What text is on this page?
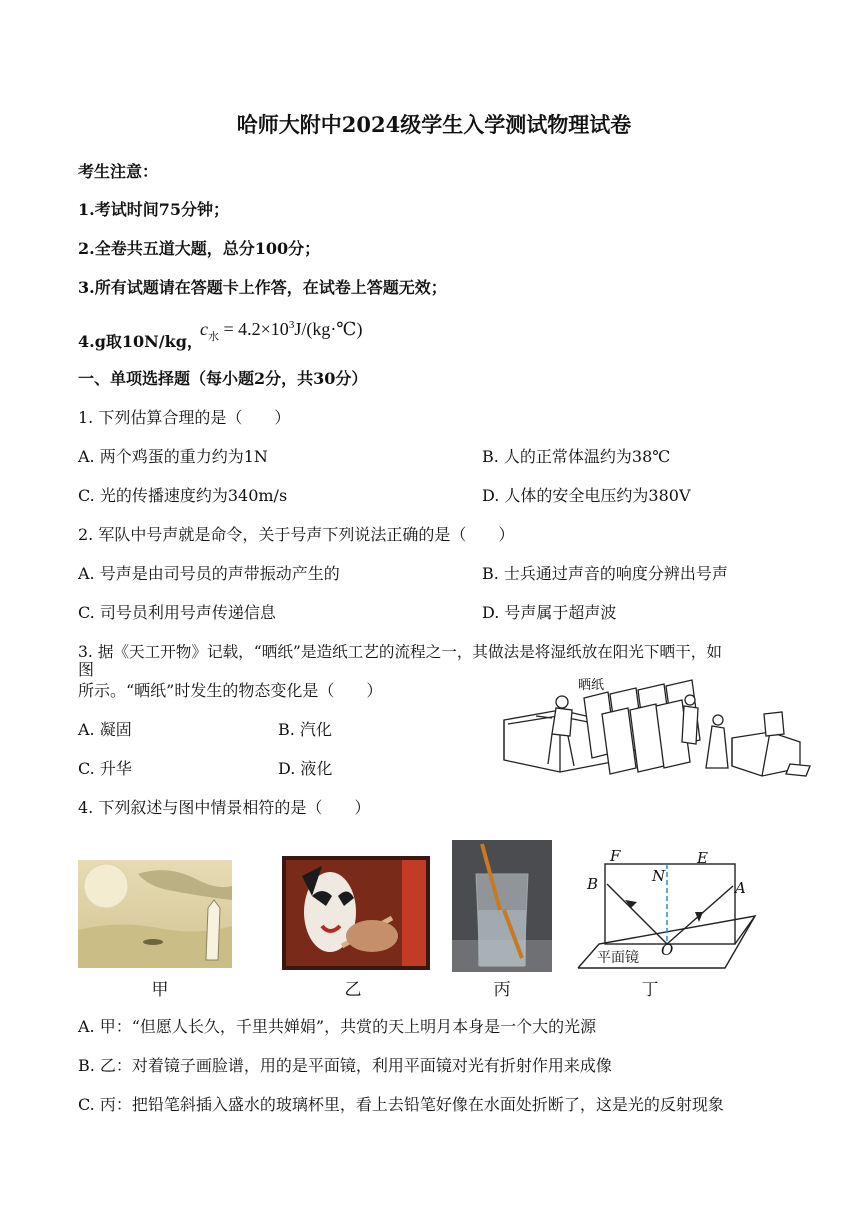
哈师大附中2024级学生入学测试物理试卷
考生注意：
1.考试时间75分钟；
2.全卷共五道大题，总分100分；
3.所有试题请在答题卡上作答，在试卷上答题无效；
4.g取10N/kg，
$c_水$ = $4.2\times 10^3J/(kg\cdot℃)$
一、单项选择题（每小题2分，共30分）
1. 下列估算合理的是（　　）
A. 两个鸡蛋的重力约为1N	B. 人的正常体温约为38℃
C. 光的传播速度约为340m/s	D. 人体的安全电压约为380V
2. 军队中号声就是命令，关于号声下列说法正确的是（　　）
A. 号声是由司号员的声带振动产生的	B. 士兵通过声音的响度分辨出号声
C. 司号员利用号声传递信息	D. 号声属于超声波
3. 据《天工开物》记载，“晒纸”是造纸工艺的流程之一，其做法是将湿纸放在阳光下晒干，如
图
所示。“晒纸”时发生的物态变化是（　　）
A. 凝固	B. 汽化
C. 升华	D. 液化
晒纸
4. 下列叙述与图中情景相符的是（　　）
F	E
N
B	A
O
平面镜
甲	乙	丙	丁
A. 甲：“但愿人长久，千里共婵娟”，共赏的天上明月本身是一个大的光源
B. 乙：对着镜子画脸谱，用的是平面镜，利用平面镜对光有折射作用来成像
C. 丙：把铅笔斜插入盛水的玻璃杯里，看上去铅笔好像在水面处折断了，这是光的反射现象
